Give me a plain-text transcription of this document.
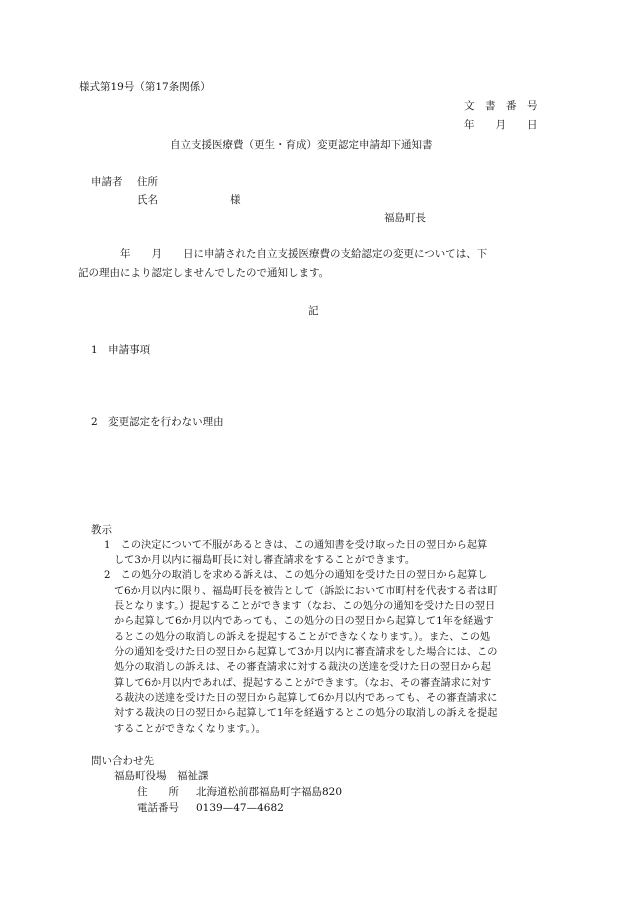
様式第19号（第17条関係）
文　書　番　号
年　　月　　日
自立支援医療費（更生・育成）変更認定申請却下通知書
申請者 住所
氏名	様
福島町長
　　　　年　　月　　日に申請された自立支援医療費の支給認定の変更については、下
記の理由により認定しませんでしたので通知します。
記
1　申請事項
2　変更認定を行わない理由
教示
1　この決定について不服があるときは、この通知書を受け取った日の翌日から起算
して3か月以内に福島町長に対し審査請求をすることができます。
2　この処分の取消しを求める訴えは、この処分の通知を受けた日の翌日から起算し
て6か月以内に限り、福島町長を被告として（訴訟において市町村を代表する者は町
長となります。）提起することができます（なお、この処分の通知を受けた日の翌日
から起算して6か月以内であっても、この処分の日の翌日から起算して1年を経過す
るとこの処分の取消しの訴えを提起することができなくなります。）。また、この処
分の通知を受けた日の翌日から起算して3か月以内に審査請求をした場合には、この
処分の取消しの訴えは、その審査請求に対する裁決の送達を受けた日の翌日から起
算して6か月以内であれば、提起することができます。（なお、その審査請求に対す
る裁決の送達を受けた日の翌日から起算して6か月以内であっても、その審査請求に
対する裁決の日の翌日から起算して1年を経過するとこの処分の取消しの訴えを提起
することができなくなります。）。
問い合わせ先
福島町役場　福祉課
住　　所 北海道松前郡福島町字福島820
電話番号 0139—47—4682
